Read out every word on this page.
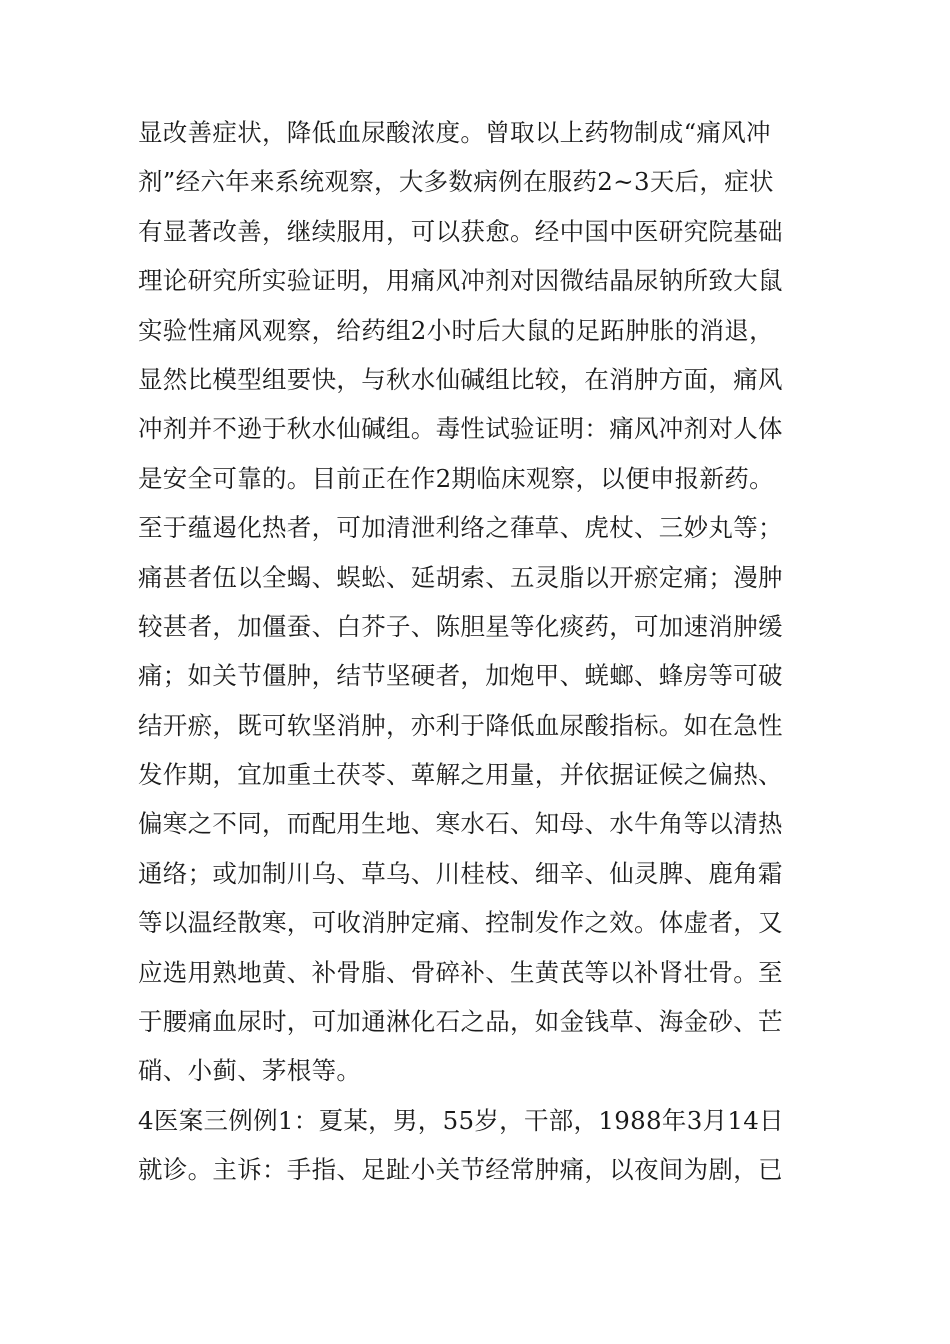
显改善症状，降低血尿酸浓度。曾取以上药物制成“痛风冲
剂”经六年来系统观察，大多数病例在服药2~3天后，症状
有显著改善，继续服用，可以获愈。经中国中医研究院基础
理论研究所实验证明，用痛风冲剂对因微结晶尿钠所致大鼠
实验性痛风观察，给药组2小时后大鼠的足跖肿胀的消退，
显然比模型组要快，与秋水仙碱组比较，在消肿方面，痛风
冲剂并不逊于秋水仙碱组。毒性试验证明：痛风冲剂对人体
是安全可靠的。目前正在作2期临床观察，以便申报新药。
至于蕴遏化热者，可加清泄利络之葎草、虎杖、三妙丸等；
痛甚者伍以全蝎、蜈蚣、延胡索、五灵脂以开瘀定痛；漫肿
较甚者，加僵蚕、白芥子、陈胆星等化痰药，可加速消肿缓
痛；如关节僵肿，结节坚硬者，加炮甲、蜣螂、蜂房等可破
结开瘀，既可软坚消肿，亦利于降低血尿酸指标。如在急性
发作期，宜加重土茯苓、萆解之用量，并依据证候之偏热、
偏寒之不同，而配用生地、寒水石、知母、水牛角等以清热
通络；或加制川乌、草乌、川桂枝、细辛、仙灵脾、鹿角霜
等以温经散寒，可收消肿定痛、控制发作之效。体虚者，又
应选用熟地黄、补骨脂、骨碎补、生黄芪等以补肾壮骨。至
于腰痛血尿时，可加通淋化石之品，如金钱草、海金砂、芒
硝、小蓟、茅根等。
4医案三例例1：夏某，男，55岁，干部，1988年3月14日
就诊。主诉：手指、足趾小关节经常肿痛，以夜间为剧，已
